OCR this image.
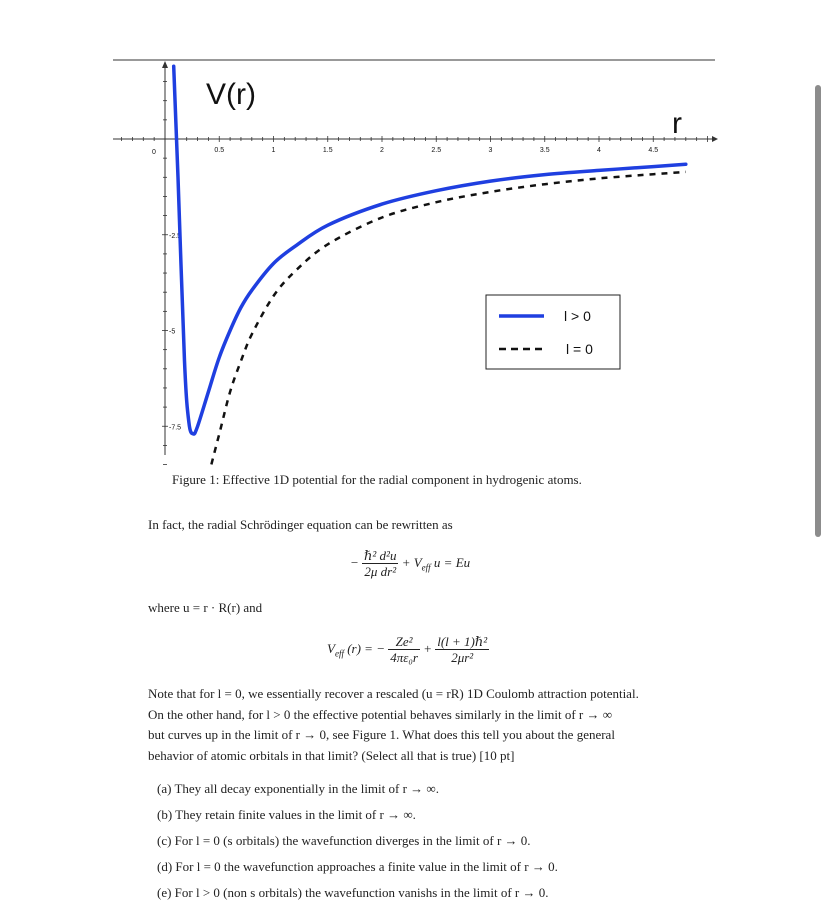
0.5	1	1.5	2	2.5	3	3.5	4	4.5
-2.5
-5
-7.5
V(r)
r
0
l > 0
l = 0
Figure 1: Effective 1D potential for the radial component in hydrogenic atoms.
In fact, the radial Schrödinger equation can be rewritten as
− $\frac{\text{ℏ² d²u}}{\text{2μ dr²}} + V_{eff}$ u = Eu
where u = r · R(r) and
$V_{eff}$ (r) = − $\frac{\text{Ze²}}{\text{4πε₀r}} + \frac{\text{l(l + 1)ℏ²}}{\text{2μr²}}$
Note that for l = 0, we essentially recover a rescaled (u = rR) 1D Coulomb attraction potential.
On the other hand, for l > 0 the effective potential behaves similarly in the limit of r → ∞
but curves up in the limit of r → 0, see Figure 1. What does this tell you about the general
behavior of atomic orbitals in that limit? (Select all that is true) [10 pt]
(a) They all decay exponentially in the limit of r → ∞.
(b) They retain finite values in the limit of r → ∞.
(c) For l = 0 (s orbitals) the wavefunction diverges in the limit of r → 0.
(d) For l = 0 the wavefunction approaches a finite value in the limit of r → 0.
(e) For l > 0 (non s orbitals) the wavefunction vanishs in the limit of r → 0.
